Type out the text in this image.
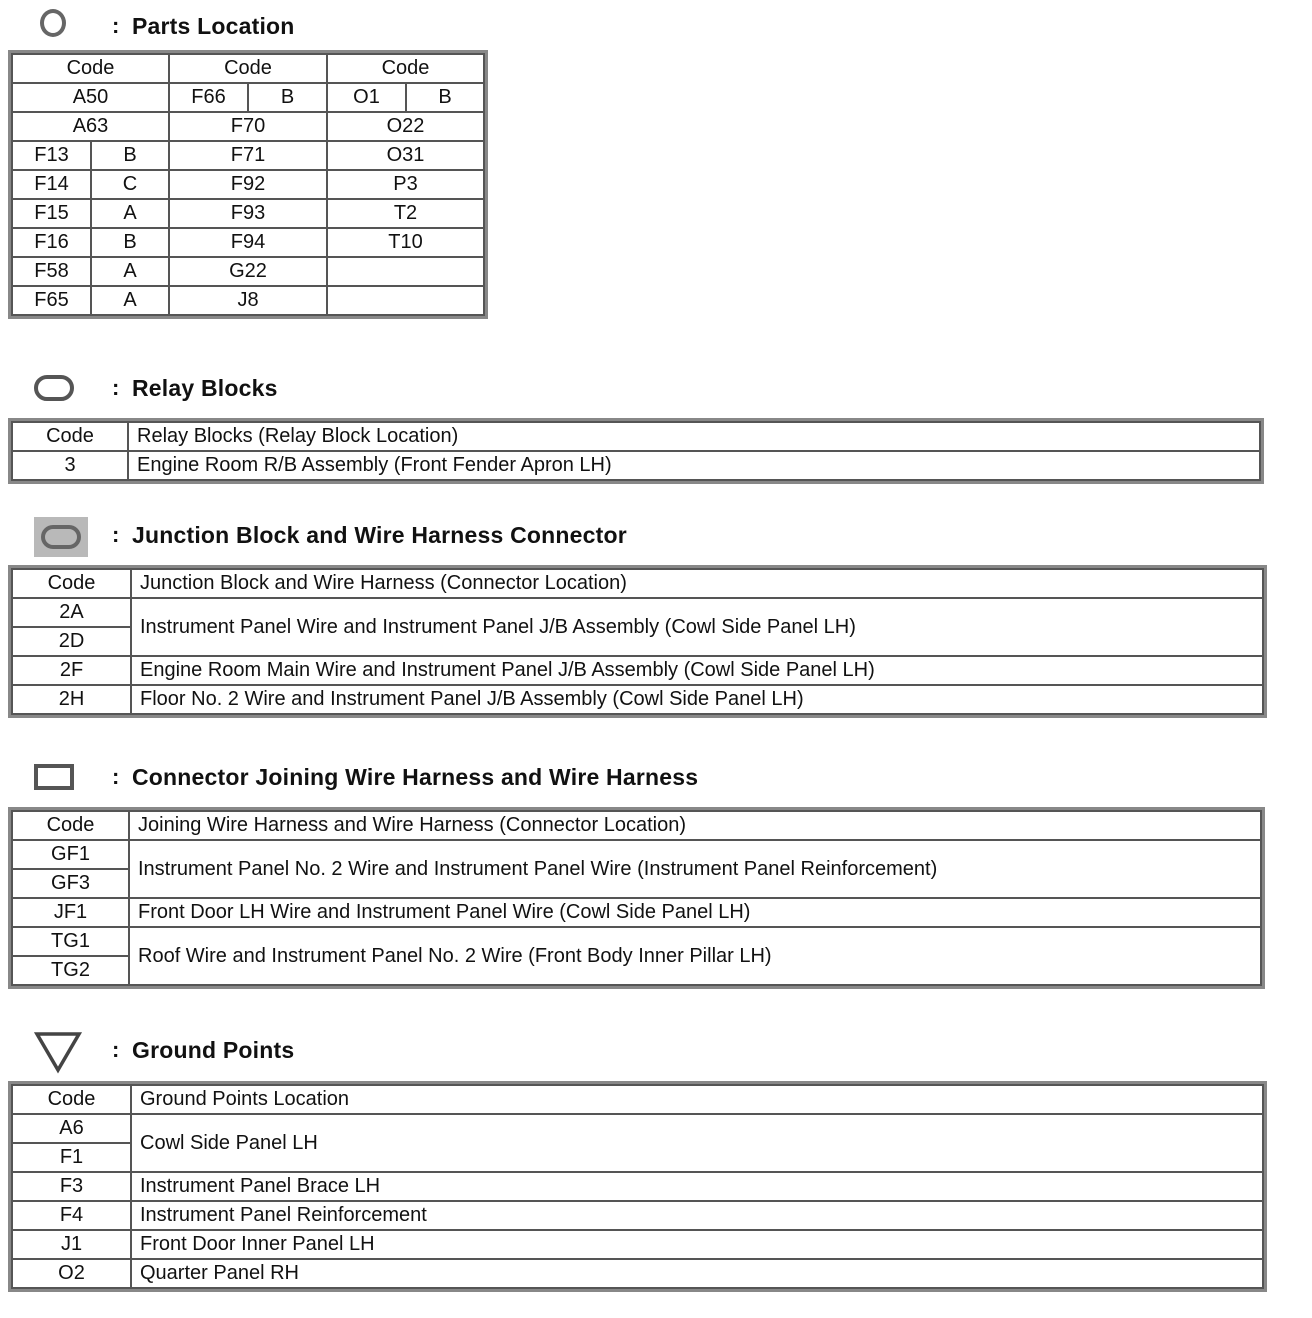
: Parts Location
Code		Code		Code	
A50		F66	B	O1	B
A63		F70		O22	
F13	B	F71		O31	
F14	C	F92		P3	
F15	A	F93		T2	
F16	B	F94		T10	
F58	A	G22			
F65	A	J8			
: Relay Blocks
Code	Relay Blocks (Relay Block Location)
3	Engine Room R/B Assembly (Front Fender Apron LH)
: Junction Block and Wire Harness Connector
Code	Junction Block and Wire Harness (Connector Location)
2A	Instrument Panel Wire and Instrument Panel J/B Assembly (Cowl Side Panel LH)
2D	
2F	Engine Room Main Wire and Instrument Panel J/B Assembly (Cowl Side Panel LH)
2H	Floor No. 2 Wire and Instrument Panel J/B Assembly (Cowl Side Panel LH)
: Connector Joining Wire Harness and Wire Harness
Code	Joining Wire Harness and Wire Harness (Connector Location)
GF1	Instrument Panel No. 2 Wire and Instrument Panel Wire (Instrument Panel Reinforcement)
GF3	
JF1	Front Door LH Wire and Instrument Panel Wire (Cowl Side Panel LH)
TG1	Roof Wire and Instrument Panel No. 2 Wire (Front Body Inner Pillar LH)
TG2	
: Ground Points
Code	Ground Points Location
A6	Cowl Side Panel LH
F1	
F3	Instrument Panel Brace LH
F4	Instrument Panel Reinforcement
J1	Front Door Inner Panel LH
O2	Quarter Panel RH
